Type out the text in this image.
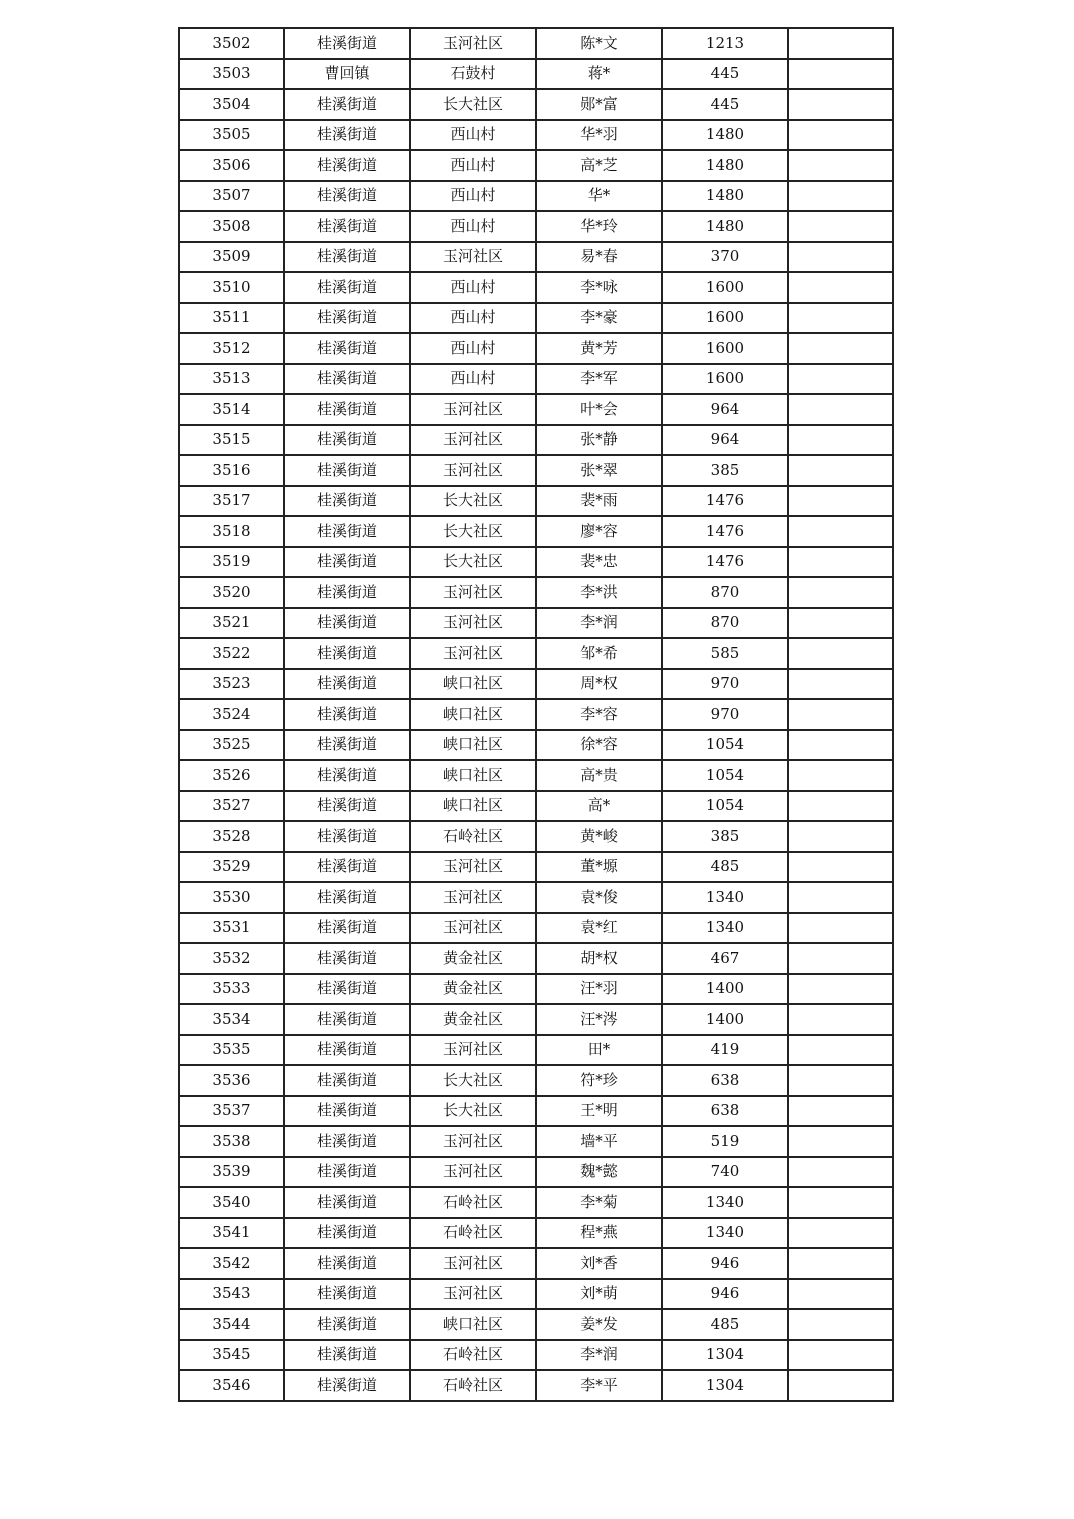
3502	桂溪街道	玉河社区	陈*文	1213	
3503	曹回镇	石鼓村	蒋*	445	
3504	桂溪街道	长大社区	郧*富	445	
3505	桂溪街道	西山村	华*羽	1480	
3506	桂溪街道	西山村	高*芝	1480	
3507	桂溪街道	西山村	华*	1480	
3508	桂溪街道	西山村	华*玲	1480	
3509	桂溪街道	玉河社区	易*春	370	
3510	桂溪街道	西山村	李*咏	1600	
3511	桂溪街道	西山村	李*豪	1600	
3512	桂溪街道	西山村	黄*芳	1600	
3513	桂溪街道	西山村	李*军	1600	
3514	桂溪街道	玉河社区	叶*会	964	
3515	桂溪街道	玉河社区	张*静	964	
3516	桂溪街道	玉河社区	张*翠	385	
3517	桂溪街道	长大社区	裴*雨	1476	
3518	桂溪街道	长大社区	廖*容	1476	
3519	桂溪街道	长大社区	裴*忠	1476	
3520	桂溪街道	玉河社区	李*洪	870	
3521	桂溪街道	玉河社区	李*润	870	
3522	桂溪街道	玉河社区	邹*希	585	
3523	桂溪街道	峡口社区	周*权	970	
3524	桂溪街道	峡口社区	李*容	970	
3525	桂溪街道	峡口社区	徐*容	1054	
3526	桂溪街道	峡口社区	高*贵	1054	
3527	桂溪街道	峡口社区	高*	1054	
3528	桂溪街道	石岭社区	黄*峻	385	
3529	桂溪街道	玉河社区	董*塬	485	
3530	桂溪街道	玉河社区	袁*俊	1340	
3531	桂溪街道	玉河社区	袁*红	1340	
3532	桂溪街道	黄金社区	胡*权	467	
3533	桂溪街道	黄金社区	汪*羽	1400	
3534	桂溪街道	黄金社区	汪*涔	1400	
3535	桂溪街道	玉河社区	田*	419	
3536	桂溪街道	长大社区	符*珍	638	
3537	桂溪街道	长大社区	王*明	638	
3538	桂溪街道	玉河社区	墙*平	519	
3539	桂溪街道	玉河社区	魏*懿	740	
3540	桂溪街道	石岭社区	李*菊	1340	
3541	桂溪街道	石岭社区	程*燕	1340	
3542	桂溪街道	玉河社区	刘*香	946	
3543	桂溪街道	玉河社区	刘*萌	946	
3544	桂溪街道	峡口社区	姜*发	485	
3545	桂溪街道	石岭社区	李*润	1304	
3546	桂溪街道	石岭社区	李*平	1304	
